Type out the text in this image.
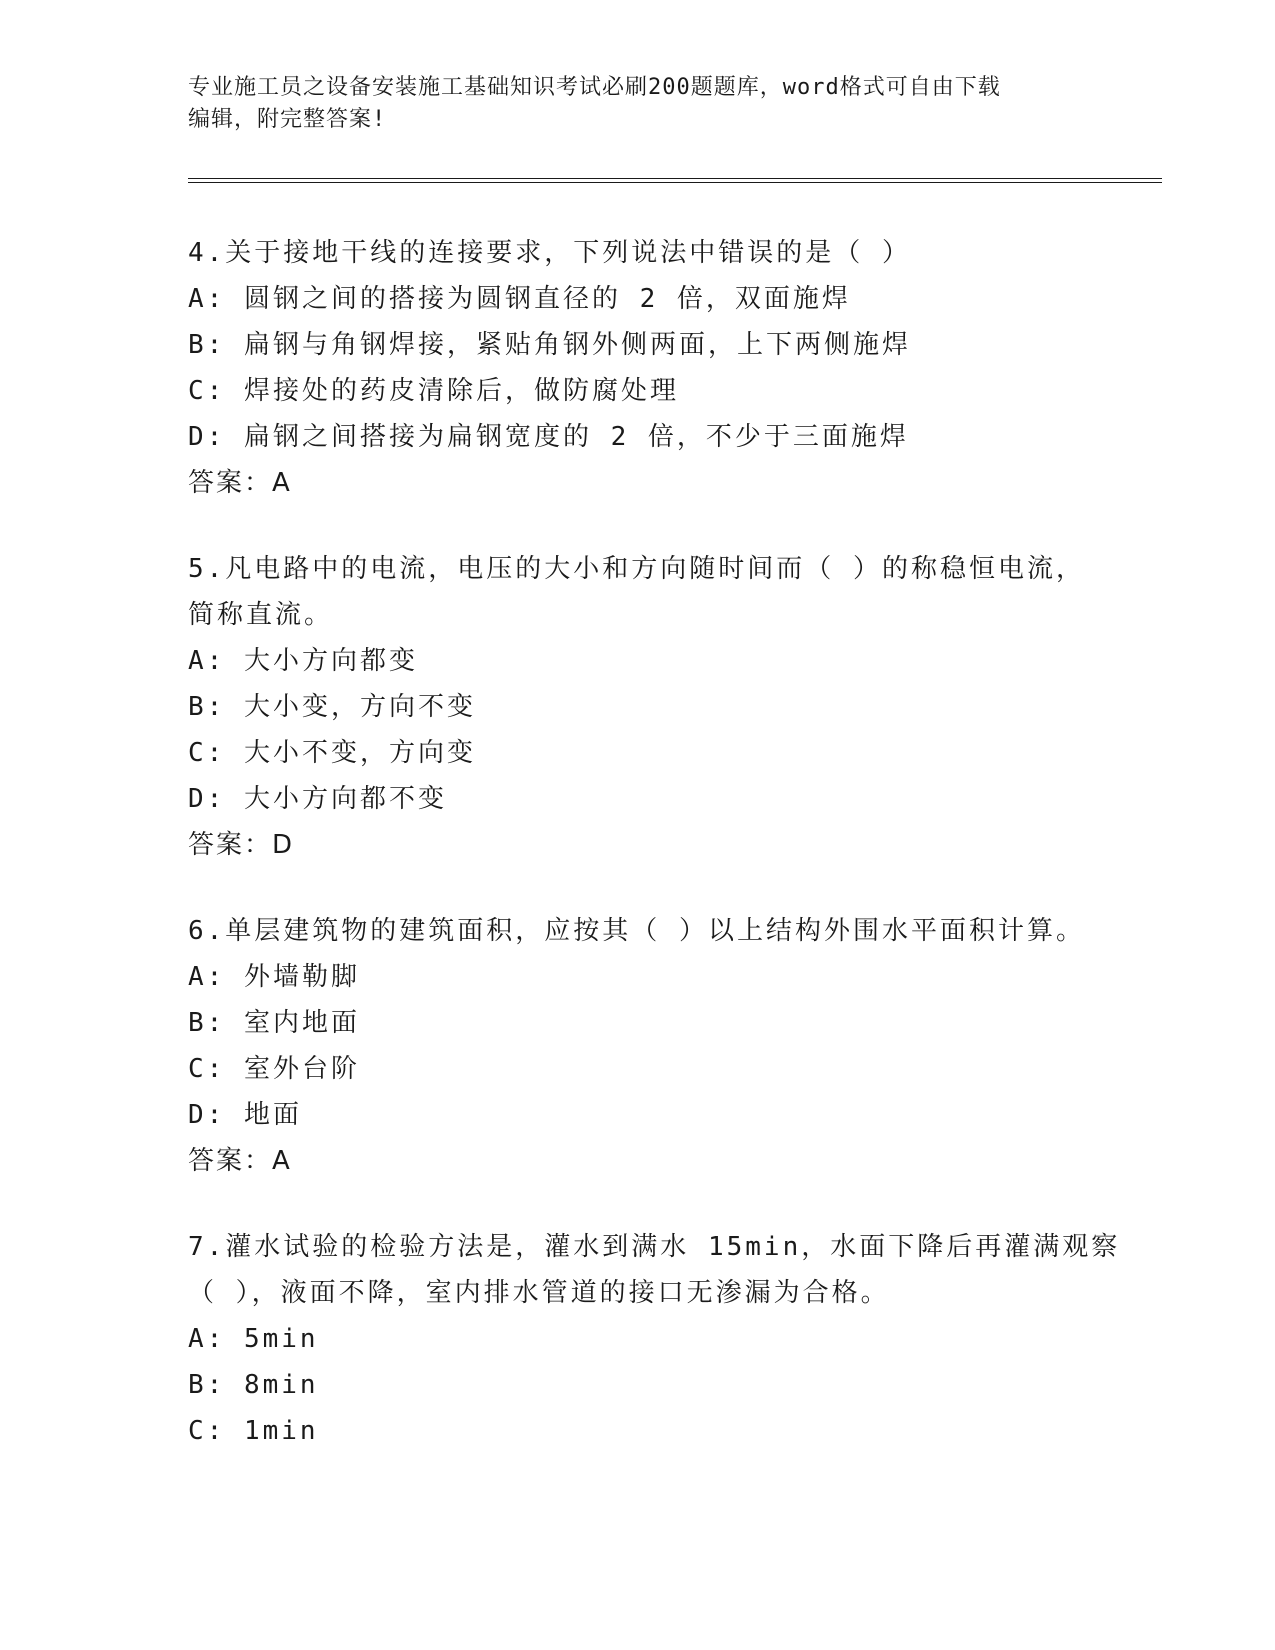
专业施工员之设备安装施工基础知识考试必刷200题题库，word格式可自由下载
编辑，附完整答案!
4.关于接地干线的连接要求，下列说法中错误的是（ ）
A: 圆钢之间的搭接为圆钢直径的 2 倍，双面施焊
B: 扁钢与角钢焊接，紧贴角钢外侧两面，上下两侧施焊
C: 焊接处的药皮清除后，做防腐处理
D: 扁钢之间搭接为扁钢宽度的 2 倍，不少于三面施焊
答案：A
5.凡电路中的电流，电压的大小和方向随时间而（ ）的称稳恒电流，
简称直流。
A: 大小方向都变
B: 大小变，方向不变
C: 大小不变，方向变
D: 大小方向都不变
答案：D
6.单层建筑物的建筑面积，应按其（ ）以上结构外围水平面积计算。
A: 外墙勒脚
B: 室内地面
C: 室外台阶
D: 地面
答案：A
7.灌水试验的检验方法是，灌水到满水 15min，水面下降后再灌满观察
（ ），液面不降，室内排水管道的接口无渗漏为合格。
A: 5min
B: 8min
C: 1min
